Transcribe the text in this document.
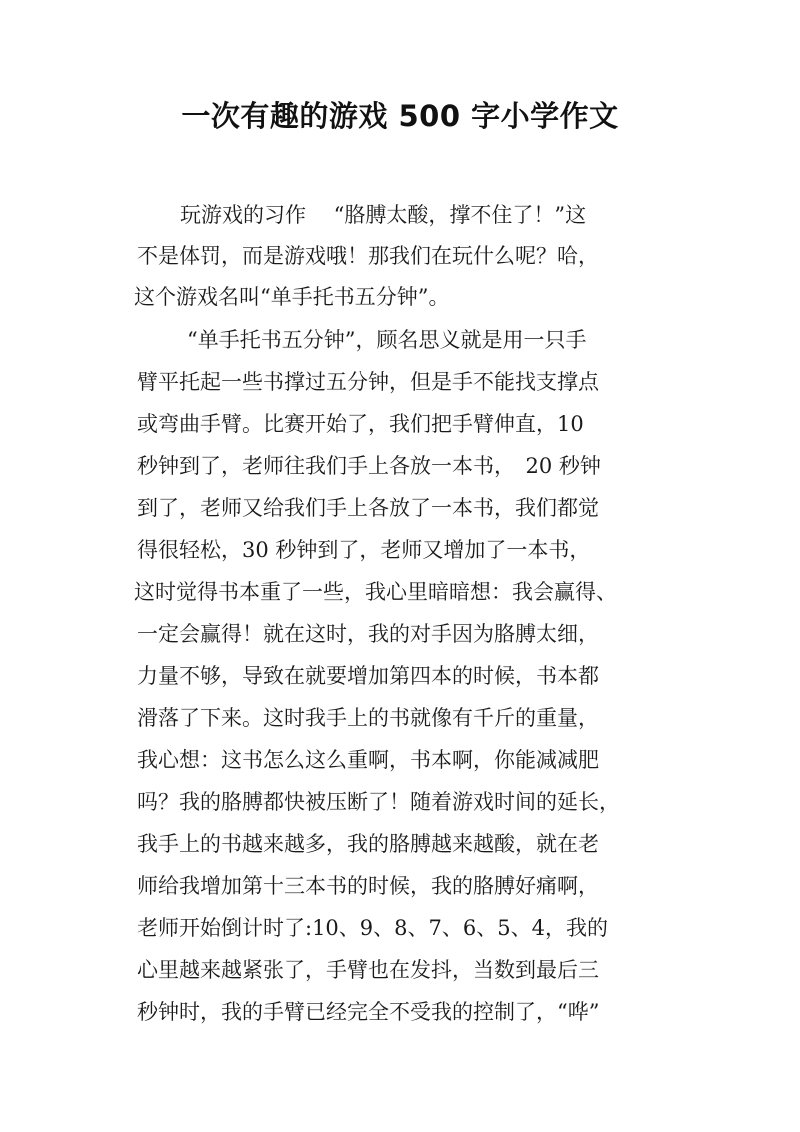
一次有趣的游戏 500 字小学作文
玩游戏的习作　 “胳膊太酸，撑不住了！”这
不是体罚，而是游戏哦！那我们在玩什么呢？哈，
这个游戏名叫“单手托书五分钟”。
“单手托书五分钟”，顾名思义就是用一只手
臂平托起一些书撑过五分钟，但是手不能找支撑点
或弯曲手臂。比赛开始了，我们把手臂伸直，10
秒钟到了，老师往我们手上各放一本书，　20 秒钟
到了，老师又给我们手上各放了一本书，我们都觉
得很轻松，30 秒钟到了，老师又增加了一本书，
这时觉得书本重了一些，我心里暗暗想：我会赢得、
一定会赢得！就在这时，我的对手因为胳膊太细，
力量不够，导致在就要增加第四本的时候，书本都
滑落了下来。这时我手上的书就像有千斤的重量，
我心想：这书怎么这么重啊，书本啊，你能减减肥
吗？我的胳膊都快被压断了！随着游戏时间的延长，
我手上的书越来越多，我的胳膊越来越酸，就在老
师给我增加第十三本书的时候，我的胳膊好痛啊，
老师开始倒计时了:10、9、8、7、6、5、4，我的
心里越来越紧张了，手臂也在发抖，当数到最后三
秒钟时，我的手臂已经完全不受我的控制了，“哗”
